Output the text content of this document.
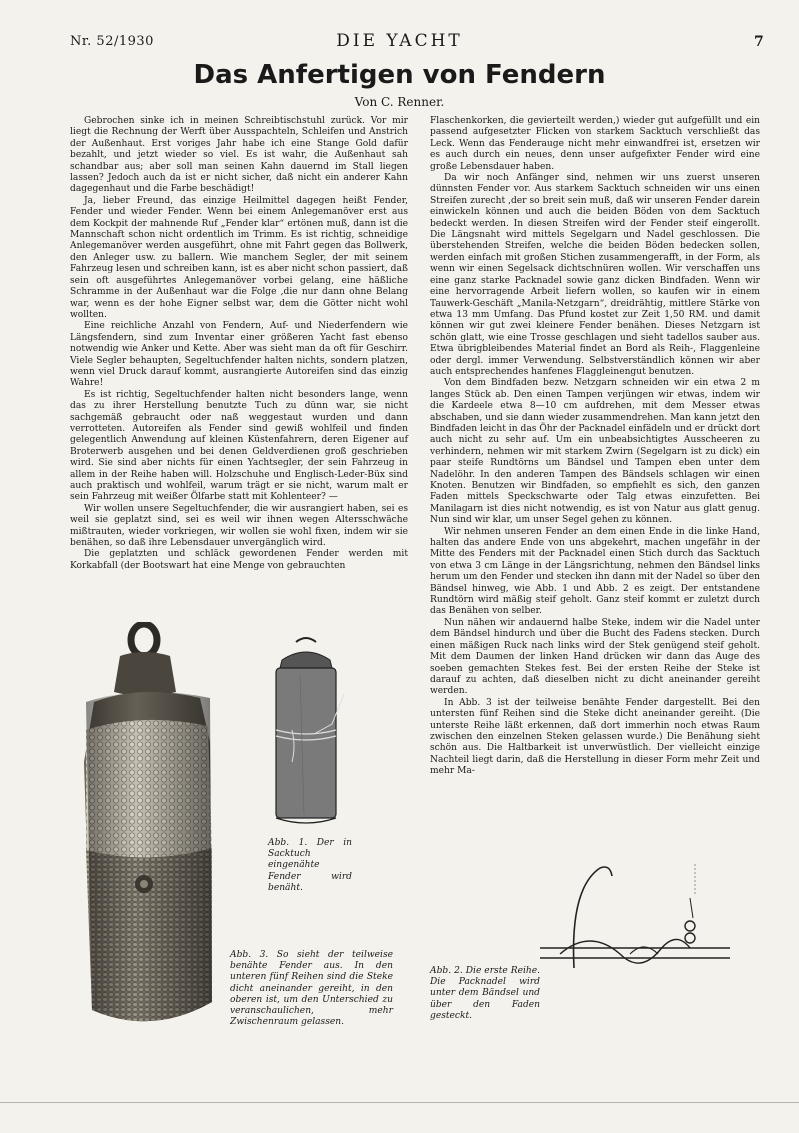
Nr. 52/1930	DIE YACHT	7
Das Anfertigen von Fendern
Von C. Renner.

Gebrochen sinke ich in meinen Schreibtischstuhl zurück. Vor mir liegt die Rechnung der Werft über Ausspachteln, Schleifen und Anstrich der Außenhaut. Erst voriges Jahr habe ich eine Stange Gold dafür bezahlt, und jetzt wieder so viel. Es ist wahr, die Außenhaut sah schandbar aus; aber soll man seinen Kahn dauernd im Stall liegen lassen? Jedoch auch da ist er nicht sicher, daß nicht ein anderer Kahn dagegenhaut und die Farbe beschädigt!

Ja, lieber Freund, das einzige Heilmittel dagegen heißt Fender, Fender und wieder Fender. Wenn bei einem Anlegemanöver erst aus dem Kockpit der mahnende Ruf „Fender klar“ ertönen muß, dann ist die Mannschaft schon nicht ordentlich im Trimm. Es ist richtig, schneidige Anlegemanöver werden ausgeführt, ohne mit Fahrt gegen das Bollwerk, den Anleger usw. zu ballern. Wie manchem Segler, der mit seinem Fahrzeug lesen und schreiben kann, ist es aber nicht schon passiert, daß sein oft ausgeführtes Anlegemanöver vorbei gelang, eine häßliche Schramme in der Außenhaut war die Folge ,die nur dann ohne Belang war, wenn es der hohe Eigner selbst war, dem die Götter nicht wohl wollten.

Eine reichliche Anzahl von Fendern, Auf- und Niederfendern wie Längsfendern, sind zum Inventar einer größeren Yacht fast ebenso notwendig wie Anker und Kette. Aber was sieht man da oft für Geschirr. Viele Segler behaupten, Segeltuchfender halten nichts, sondern platzen, wenn viel Druck darauf kommt, ausrangierte Autoreifen sind das einzig Wahre!

Es ist richtig, Segeltuchfender halten nicht besonders lange, wenn das zu ihrer Herstellung benutzte Tuch zu dünn war, sie nicht sachgemäß gebraucht oder naß weggestaut wurden und dann verrotteten. Autoreifen als Fender sind gewiß wohlfeil und finden gelegentlich Anwendung auf kleinen Küstenfahrern, deren Eigener auf Broterwerb ausgehen und bei denen Geldverdienen groß geschrieben wird. Sie sind aber nichts für einen Yachtsegler, der sein Fahrzeug in allem in der Reihe haben will. Holzschuhe und Englisch-Leder-Büx sind auch praktisch und wohlfeil, warum trägt er sie nicht, warum malt er sein Fahrzeug mit weißer Ölfarbe statt mit Kohlenteer? —

Wir wollen unsere Segeltuchfender, die wir ausrangiert haben, sei es weil sie geplatzt sind, sei es weil wir ihnen wegen Altersschwäche mißtrauten, wieder vorkriegen, wir wollen sie wohl fixen, indem wir sie benähen, so daß ihre Lebensdauer unvergänglich wird.

Die geplatzten und schläck gewordenen Fender werden mit Korkabfall (der Bootswart hat eine Menge von gebrauchten

Flaschenkorken, die gevierteilt werden,) wieder gut aufgefüllt und ein passend aufgesetzter Flicken von starkem Sacktuch verschließt das Leck. Wenn das Fenderauge nicht mehr einwandfrei ist, ersetzen wir es auch durch ein neues, denn unser aufgefixter Fender wird eine große Lebensdauer haben.

Da wir noch Anfänger sind, nehmen wir uns zuerst unseren dünnsten Fender vor. Aus starkem Sacktuch schneiden wir uns einen Streifen zurecht ,der so breit sein muß, daß wir unseren Fender darein einwickeln können und auch die beiden Böden von dem Sacktuch bedeckt werden. In diesen Streifen wird der Fender steif eingerollt. Die Längsnaht wird mittels Segelgarn und Nadel geschlossen. Die überstehenden Streifen, welche die beiden Böden bedecken sollen, werden einfach mit großen Stichen zusammengerafft, in der Form, als wenn wir einen Segelsack dichtschnüren wollen. Wir verschaffen uns eine ganz starke Packnadel sowie ganz dicken Bindfaden. Wenn wir eine hervorragende Arbeit liefern wollen, so kaufen wir in einem Tauwerk-Geschäft „Manila-Netzgarn“, dreidrähtig, mittlere Stärke von etwa 13 mm Umfang. Das Pfund kostet zur Zeit 1,50 RM. und damit können wir gut zwei kleinere Fender benähen. Dieses Netzgarn ist schön glatt, wie eine Trosse geschlagen und sieht tadellos sauber aus. Etwa übrigbleibendes Material findet an Bord als Reih-, Flaggenleine oder dergl. immer Verwendung. Selbstverständlich können wir aber auch entsprechendes hanfenes Flaggleinengut benutzen.

Von dem Bindfaden bezw. Netzgarn schneiden wir ein etwa 2 m langes Stück ab. Den einen Tampen verjüngen wir etwas, indem wir die Kardeele etwa 8—10 cm aufdrehen, mit dem Messer etwas abschaben, und sie dann wieder zusammendrehen. Man kann jetzt den Bindfaden leicht in das Öhr der Packnadel einfädeln und er drückt dort auch nicht zu sehr auf. Um ein unbeabsichtigtes Ausscheeren zu verhindern, nehmen wir mit starkem Zwirn (Segelgarn ist zu dick) ein paar steife Rundtörns um Bändsel und Tampen eben unter dem Nadelöhr. In den anderen Tampen des Bändsels schlagen wir einen Knoten. Benutzen wir Bindfaden, so empfiehlt es sich, den ganzen Faden mittels Speckschwarte oder Talg etwas einzufetten. Bei Manilagarn ist dies nicht notwendig, es ist von Natur aus glatt genug. Nun sind wir klar, um unser Segel gehen zu können.

Wir nehmen unseren Fender an dem einen Ende in die linke Hand, halten das andere Ende von uns abgekehrt, machen ungefähr in der Mitte des Fenders mit der Packnadel einen Stich durch das Sacktuch von etwa 3 cm Länge in der Längsrichtung, nehmen den Bändsel links herum um den Fender und stecken ihn dann mit der Nadel so über den Bändsel hinweg, wie Abb. 1 und Abb. 2 es zeigt. Der entstandene Rundtörn wird mäßig steif geholt. Ganz steif kommt er zuletzt durch das Benähen von selber.

Nun nähen wir andauernd halbe Steke, indem wir die Nadel unter dem Bändsel hindurch und über die Bucht des Fadens stecken. Durch einen mäßigen Ruck nach links wird der Stek genügend steif geholt. Mit dem Daumen der linken Hand drücken wir dann das Auge des soeben gemachten Stekes fest. Bei der ersten Reihe der Steke ist darauf zu achten, daß dieselben nicht zu dicht aneinander gereiht werden.

In Abb. 3 ist der teilweise benähte Fender dargestellt. Bei den untersten fünf Reihen sind die Steke dicht aneinander gereiht. (Die unterste Reihe läßt erkennen, daß dort immerhin noch etwas Raum zwischen den einzelnen Steken gelassen wurde.) Die Benähung sieht schön aus. Die Haltbarkeit ist unverwüstlich. Der vielleicht einzige Nachteil liegt darin, daß die Herstellung in dieser Form mehr Zeit und mehr Ma-

Abb. 1. Der in Sacktuch eingenähte Fender wird benäht.
Abb. 3. So sieht der teilweise benähte Fender aus. In den unteren fünf Reihen sind die Steke dicht aneinander gereiht, in den oberen ist, um den Unterschied zu veranschaulichen, mehr Zwischenraum gelassen.
Abb. 2. Die erste Reihe. Die Packnadel wird unter dem Bändsel und über den Faden gesteckt.
